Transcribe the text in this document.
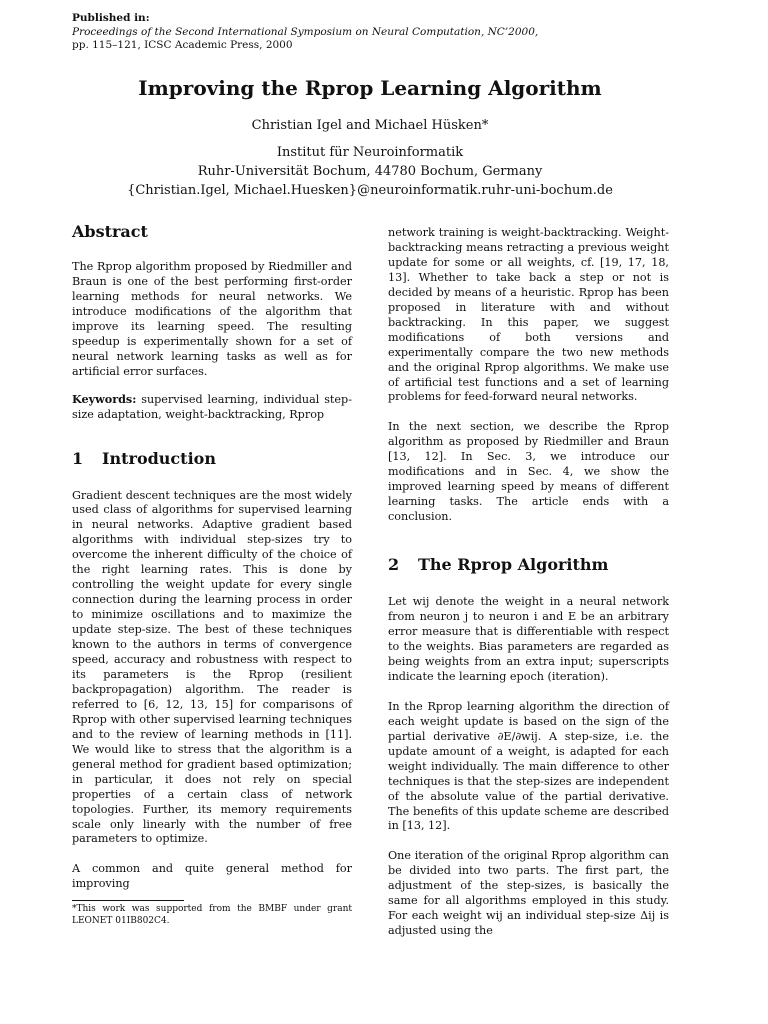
Published in:
Proceedings of the Second International Symposium on Neural Computation, NC’2000,
pp. 115–121, ICSC Academic Press, 2000
Improving the Rprop Learning Algorithm
Christian Igel and Michael Hüsken*
Institut für Neuroinformatik
Ruhr-Universität Bochum, 44780 Bochum, Germany
{Christian.Igel, Michael.Huesken}@neuroinformatik.ruhr-uni-bochum.de
Abstract

The Rprop algorithm proposed by Riedmiller and Braun is one of the best performing first-order learning methods for neural networks. We introduce modifications of the algorithm that improve its learning speed. The resulting speedup is experimentally shown for a set of neural network learning tasks as well as for artificial error surfaces.

Keywords: supervised learning, individual step-size adaptation, weight-backtracking, Rprop

1 Introduction

Gradient descent techniques are the most widely used class of algorithms for supervised learning in neural networks. Adaptive gradient based algorithms with individual step-sizes try to overcome the inherent difficulty of the choice of the right learning rates. This is done by controlling the weight update for every single connection during the learning process in order to minimize oscillations and to maximize the update step-size. The best of these techniques known to the authors in terms of convergence speed, accuracy and robustness with respect to its parameters is the Rprop (resilient backpropagation) algorithm. The reader is referred to [6, 12, 13, 15] for comparisons of Rprop with other supervised learning techniques and to the review of learning methods in [11]. We would like to stress that the algorithm is a general method for gradient based optimization; in particular, it does not rely on special properties of a certain class of network topologies. Further, its memory requirements scale only linearly with the number of free parameters to optimize.

A common and quite general method for improving

*This work was supported from the BMBF under grant LEONET 01IB802C4.

network training is weight-backtracking. Weight-backtracking means retracting a previous weight update for some or all weights, cf. [19, 17, 18, 13]. Whether to take back a step or not is decided by means of a heuristic. Rprop has been proposed in literature with and without backtracking. In this paper, we suggest modifications of both versions and experimentally compare the two new methods and the original Rprop algorithms. We make use of artificial test functions and a set of learning problems for feed-forward neural networks.

In the next section, we describe the Rprop algorithm as proposed by Riedmiller and Braun [13, 12]. In Sec. 3, we introduce our modifications and in Sec. 4, we show the improved learning speed by means of different learning tasks. The article ends with a conclusion.

2 The Rprop Algorithm

Let wij denote the weight in a neural network from neuron j to neuron i and E be an arbitrary error measure that is differentiable with respect to the weights. Bias parameters are regarded as being weights from an extra input; superscripts indicate the learning epoch (iteration).

In the Rprop learning algorithm the direction of each weight update is based on the sign of the partial derivative ∂E/∂wij. A step-size, i.e. the update amount of a weight, is adapted for each weight individually. The main difference to other techniques is that the step-sizes are independent of the absolute value of the partial derivative. The benefits of this update scheme are described in [13, 12].

One iteration of the original Rprop algorithm can be divided into two parts. The first part, the adjustment of the step-sizes, is basically the same for all algorithms employed in this study. For each weight wij an individual step-size Δij is adjusted using the
